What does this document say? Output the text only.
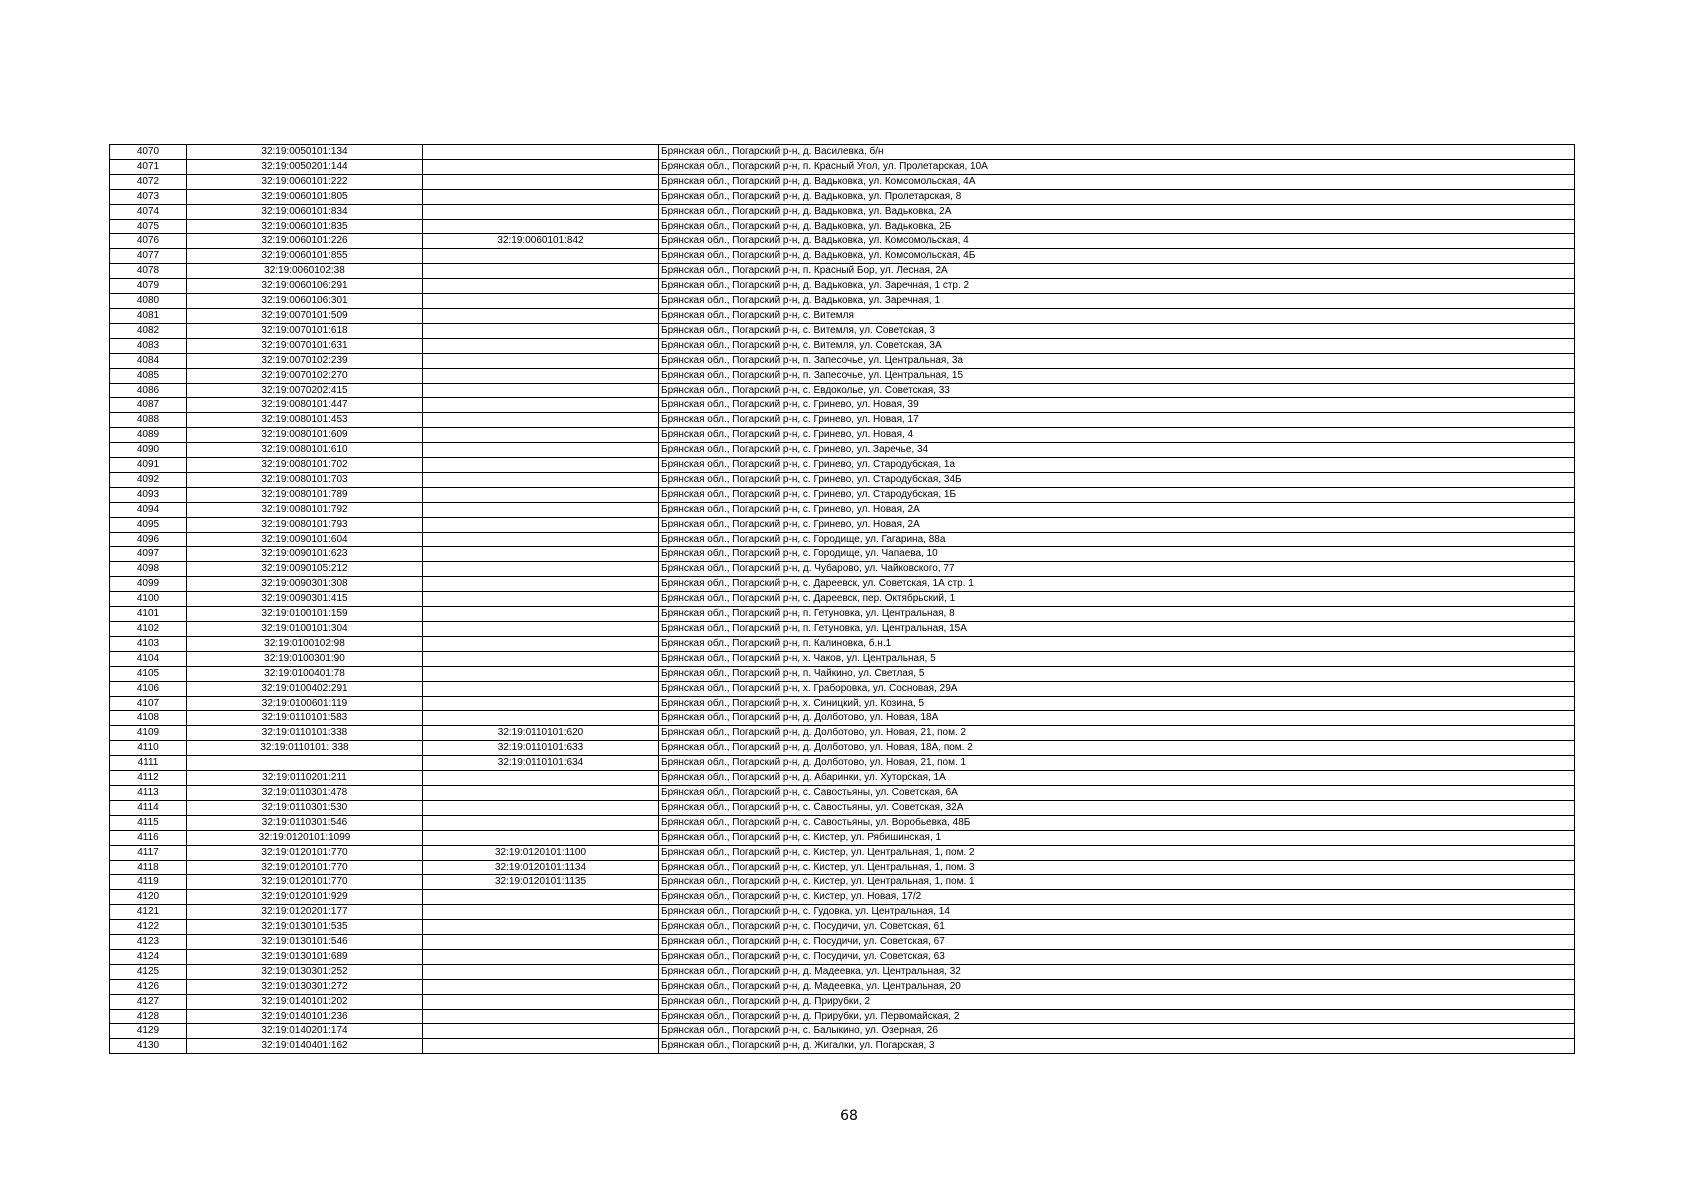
4070	32:19:0050101:134		Брянская обл., Погарский р-н, д. Василевка, б/н
4071	32:19:0050201:144		Брянская обл., Погарский р-н, п. Красный Угол, ул. Пролетарская, 10А
4072	32:19:0060101:222		Брянская обл., Погарский р-н, д. Вадьковка, ул. Комсомольская, 4А
4073	32:19:0060101:805		Брянская обл., Погарский р-н, д. Вадьковка, ул. Пролетарская, 8
4074	32:19:0060101:834		Брянская обл., Погарский р-н, д. Вадьковка, ул. Вадьковка, 2А
4075	32:19:0060101:835		Брянская обл., Погарский р-н, д. Вадьковка, ул. Вадьковка, 2Б
4076	32:19:0060101:226	32:19:0060101:842	Брянская обл., Погарский р-н, д. Вадьковка, ул. Комсомольская, 4
4077	32:19:0060101:855		Брянская обл., Погарский р-н, д. Вадьковка, ул. Комсомольская, 4Б
4078	32:19:0060102:38		Брянская обл., Погарский р-н, п. Красный Бор, ул. Лесная, 2А
4079	32:19:0060106:291		Брянская обл., Погарский р-н, д. Вадьковка, ул. Заречная, 1 стр. 2
4080	32:19:0060106:301		Брянская обл., Погарский р-н, д. Вадьковка, ул. Заречная, 1
4081	32:19:0070101:509		Брянская обл., Погарский р-н, с. Витемля
4082	32:19:0070101:618		Брянская обл., Погарский р-н, с. Витемля, ул. Советская, 3
4083	32:19:0070101:631		Брянская обл., Погарский р-н, с. Витемля, ул. Советская, 3А
4084	32:19:0070102:239		Брянская обл., Погарский р-н, п. Запесочье, ул. Центральная, 3а
4085	32:19:0070102:270		Брянская обл., Погарский р-н, п. Запесочье, ул. Центральная, 15
4086	32:19:0070202:415		Брянская обл., Погарский р-н, с. Евдоколье, ул. Советская, 33
4087	32:19:0080101:447		Брянская обл., Погарский р-н, с. Гринево, ул. Новая, 39
4088	32:19:0080101:453		Брянская обл., Погарский р-н, с. Гринево, ул. Новая, 17
4089	32:19:0080101:609		Брянская обл., Погарский р-н, с. Гринево, ул. Новая, 4
4090	32:19:0080101:610		Брянская обл., Погарский р-н, с. Гринево, ул. Заречье, 34
4091	32:19:0080101:702		Брянская обл., Погарский р-н, с. Гринево, ул. Стародубская, 1а
4092	32:19:0080101:703		Брянская обл., Погарский р-н, с. Гринево, ул. Стародубская, 34Б
4093	32:19:0080101:789		Брянская обл., Погарский р-н, с. Гринево, ул. Стародубская, 1Б
4094	32:19:0080101:792		Брянская обл., Погарский р-н, с. Гринево, ул. Новая, 2А
4095	32:19:0080101:793		Брянская обл., Погарский р-н, с. Гринево, ул. Новая, 2А
4096	32:19:0090101:604		Брянская обл., Погарский р-н, с. Городище, ул. Гагарина, 88а
4097	32:19:0090101:623		Брянская обл., Погарский р-н, с. Городище, ул. Чапаева, 10
4098	32:19:0090105:212		Брянская обл., Погарский р-н, д. Чубарово, ул. Чайковского, 77
4099	32:19:0090301:308		Брянская обл., Погарский р-н, с. Дареевск, ул. Советская, 1А стр. 1
4100	32:19:0090301:415		Брянская обл., Погарский р-н, с. Дареевск, пер. Октябрьский, 1
4101	32:19:0100101:159		Брянская обл., Погарский р-н, п. Гетуновка, ул. Центральная, 8
4102	32:19:0100101:304		Брянская обл., Погарский р-н, п. Гетуновка, ул. Центральная, 15А
4103	32:19:0100102:98		Брянская обл., Погарский р-н, п. Калиновка, б.н.1
4104	32:19:0100301:90		Брянская обл., Погарский р-н, х. Чаков, ул. Центральная, 5
4105	32:19:0100401:78		Брянская обл., Погарский р-н, п. Чайкино, ул. Светлая, 5
4106	32:19:0100402:291		Брянская обл., Погарский р-н, х. Граборовка, ул. Сосновая, 29А
4107	32:19:0100601:119		Брянская обл., Погарский р-н, х. Синицкий, ул. Козина, 5
4108	32:19:0110101:583		Брянская обл., Погарский р-н, д. Долботово, ул. Новая, 18А
4109	32:19:0110101:338	32:19:0110101:620	Брянская обл., Погарский р-н, д. Долботово, ул. Новая, 21, пом. 2
4110	32:19:0110101: 338	32:19:0110101:633	Брянская обл., Погарский р-н, д. Долботово, ул. Новая, 18А, пом. 2
4111		32:19:0110101:634	Брянская обл., Погарский р-н, д. Долботово, ул. Новая, 21, пом. 1
4112	32:19:0110201:211		Брянская обл., Погарский р-н, д. Абаринки, ул. Хуторская, 1А
4113	32:19:0110301:478		Брянская обл., Погарский р-н, с. Савостьяны, ул. Советская, 6А
4114	32:19:0110301:530		Брянская обл., Погарский р-н, с. Савостьяны, ул. Советская, 32А
4115	32:19:0110301:546		Брянская обл., Погарский р-н, с. Савостьяны, ул. Воробьевка, 48Б
4116	32:19:0120101:1099		Брянская обл., Погарский р-н, с. Кистер, ул. Рябишинская, 1
4117	32:19:0120101:770	32:19:0120101:1100	Брянская обл., Погарский р-н, с. Кистер, ул. Центральная, 1, пом. 2
4118	32:19:0120101:770	32:19:0120101:1134	Брянская обл., Погарский р-н, с. Кистер, ул. Центральная, 1, пом. 3
4119	32:19:0120101:770	32:19:0120101:1135	Брянская обл., Погарский р-н, с. Кистер, ул. Центральная, 1, пом. 1
4120	32:19:0120101:929		Брянская обл., Погарский р-н, с. Кистер, ул. Новая, 17/2
4121	32:19:0120201:177		Брянская обл., Погарский р-н, с. Гудовка, ул. Центральная, 14
4122	32:19:0130101:535		Брянская обл., Погарский р-н, с. Посудичи, ул. Советская, 61
4123	32:19:0130101:546		Брянская обл., Погарский р-н, с. Посудичи, ул. Советская, 67
4124	32:19:0130101:689		Брянская обл., Погарский р-н, с. Посудичи, ул. Советская, 63
4125	32:19:0130301:252		Брянская обл., Погарский р-н, д. Мадеевка, ул. Центральная, 32
4126	32:19:0130301:272		Брянская обл., Погарский р-н, д. Мадеевка, ул. Центральная, 20
4127	32:19:0140101:202		Брянская обл., Погарский р-н, д. Прирубки, 2
4128	32:19:0140101:236		Брянская обл., Погарский р-н, д. Прирубки, ул. Первомайская, 2
4129	32:19:0140201:174		Брянская обл., Погарский р-н, с. Балыкино, ул. Озерная, 26
4130	32:19:0140401:162		Брянская обл., Погарский р-н, д. Жигалки, ул. Погарская, 3
68
